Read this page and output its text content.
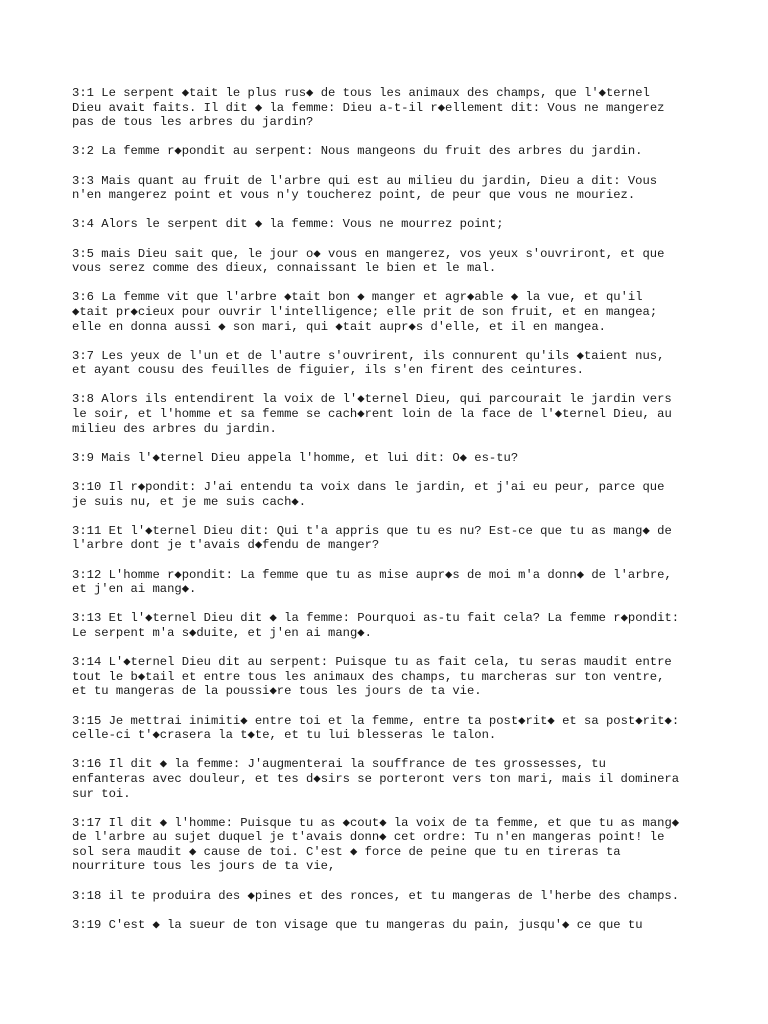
3:1 Le serpent ◆tait le plus rus◆ de tous les animaux des champs, que l'◆ternel
Dieu avait faits. Il dit ◆ la femme: Dieu a-t-il r◆ellement dit: Vous ne mangerez
pas de tous les arbres du jardin?

3:2 La femme r◆pondit au serpent: Nous mangeons du fruit des arbres du jardin.

3:3 Mais quant au fruit de l'arbre qui est au milieu du jardin, Dieu a dit: Vous
n'en mangerez point et vous n'y toucherez point, de peur que vous ne mouriez.

3:4 Alors le serpent dit ◆ la femme: Vous ne mourrez point;

3:5 mais Dieu sait que, le jour o◆ vous en mangerez, vos yeux s'ouvriront, et que
vous serez comme des dieux, connaissant le bien et le mal.

3:6 La femme vit que l'arbre ◆tait bon ◆ manger et agr◆able ◆ la vue, et qu'il
◆tait pr◆cieux pour ouvrir l'intelligence; elle prit de son fruit, et en mangea;
elle en donna aussi ◆ son mari, qui ◆tait aupr◆s d'elle, et il en mangea.

3:7 Les yeux de l'un et de l'autre s'ouvrirent, ils connurent qu'ils ◆taient nus,
et ayant cousu des feuilles de figuier, ils s'en firent des ceintures.

3:8 Alors ils entendirent la voix de l'◆ternel Dieu, qui parcourait le jardin vers
le soir, et l'homme et sa femme se cach◆rent loin de la face de l'◆ternel Dieu, au
milieu des arbres du jardin.

3:9 Mais l'◆ternel Dieu appela l'homme, et lui dit: O◆ es-tu?

3:10 Il r◆pondit: J'ai entendu ta voix dans le jardin, et j'ai eu peur, parce que
je suis nu, et je me suis cach◆.

3:11 Et l'◆ternel Dieu dit: Qui t'a appris que tu es nu? Est-ce que tu as mang◆ de
l'arbre dont je t'avais d◆fendu de manger?

3:12 L'homme r◆pondit: La femme que tu as mise aupr◆s de moi m'a donn◆ de l'arbre,
et j'en ai mang◆.

3:13 Et l'◆ternel Dieu dit ◆ la femme: Pourquoi as-tu fait cela? La femme r◆pondit:
Le serpent m'a s◆duite, et j'en ai mang◆.

3:14 L'◆ternel Dieu dit au serpent: Puisque tu as fait cela, tu seras maudit entre
tout le b◆tail et entre tous les animaux des champs, tu marcheras sur ton ventre,
et tu mangeras de la poussi◆re tous les jours de ta vie.

3:15 Je mettrai inimiti◆ entre toi et la femme, entre ta post◆rit◆ et sa post◆rit◆:
celle-ci t'◆crasera la t◆te, et tu lui blesseras le talon.

3:16 Il dit ◆ la femme: J'augmenterai la souffrance de tes grossesses, tu
enfanteras avec douleur, et tes d◆sirs se porteront vers ton mari, mais il dominera
sur toi.

3:17 Il dit ◆ l'homme: Puisque tu as ◆cout◆ la voix de ta femme, et que tu as mang◆
de l'arbre au sujet duquel je t'avais donn◆ cet ordre: Tu n'en mangeras point! le
sol sera maudit ◆ cause de toi. C'est ◆ force de peine que tu en tireras ta
nourriture tous les jours de ta vie,

3:18 il te produira des ◆pines et des ronces, et tu mangeras de l'herbe des champs.

3:19 C'est ◆ la sueur de ton visage que tu mangeras du pain, jusqu'◆ ce que tu
